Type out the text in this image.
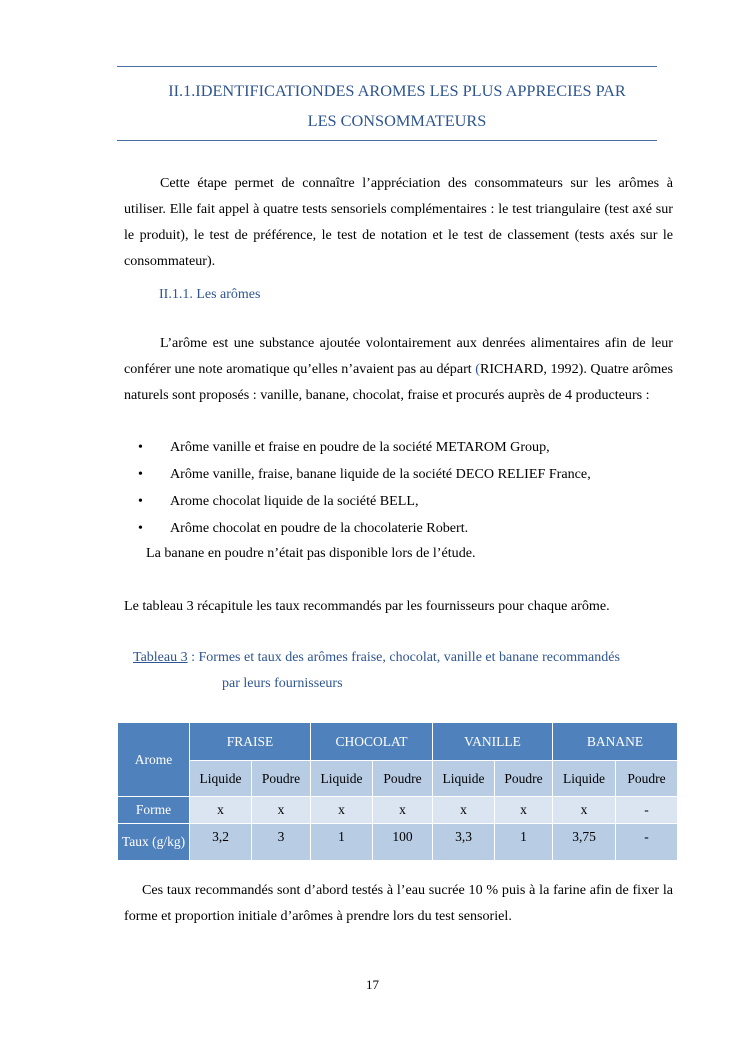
II.1.IDENTIFICATIONDES AROMES LES PLUS APPRECIES PAR
LES CONSOMMATEURS

Cette étape permet de connaître l’appréciation des consommateurs sur les arômes à utiliser. Elle fait appel à quatre tests sensoriels complémentaires : le test triangulaire (test axé sur le produit), le test de préférence, le test de notation et le test de classement (tests axés sur le consommateur).

II.1.1. Les arômes

L’arôme est une substance ajoutée volontairement aux denrées alimentaires afin de leur conférer une note aromatique qu’elles n’avaient pas au départ (RICHARD, 1992). Quatre arômes naturels sont proposés : vanille, banane, chocolat, fraise et procurés auprès de 4 producteurs :

• Arôme vanille et fraise en poudre de la société METAROM Group,
• Arôme vanille, fraise, banane liquide de la société DECO RELIEF France,
• Arome chocolat liquide de la société BELL,
• Arôme chocolat en poudre de la chocolaterie Robert.
La banane en poudre n’était pas disponible lors de l’étude.
Le tableau 3 récapitule les taux recommandés par les fournisseurs pour chaque arôme.
Tableau 3 : Formes et taux des arômes fraise, chocolat, vanille et banane recommandés
par leurs fournisseurs
Arome	FRAISE		CHOCOLAT		VANILLE		BANANE	
	Liquide	Poudre	Liquide	Poudre	Liquide	Poudre	Liquide	Poudre
Forme	x	x	x	x	x	x	x	-
Taux (g/kg)	3,2	3	1	100	3,3	1	3,75	-

Ces taux recommandés sont d’abord testés à l’eau sucrée 10 % puis à la farine afin de fixer la forme et proportion initiale d’arômes à prendre lors du test sensoriel.

17
